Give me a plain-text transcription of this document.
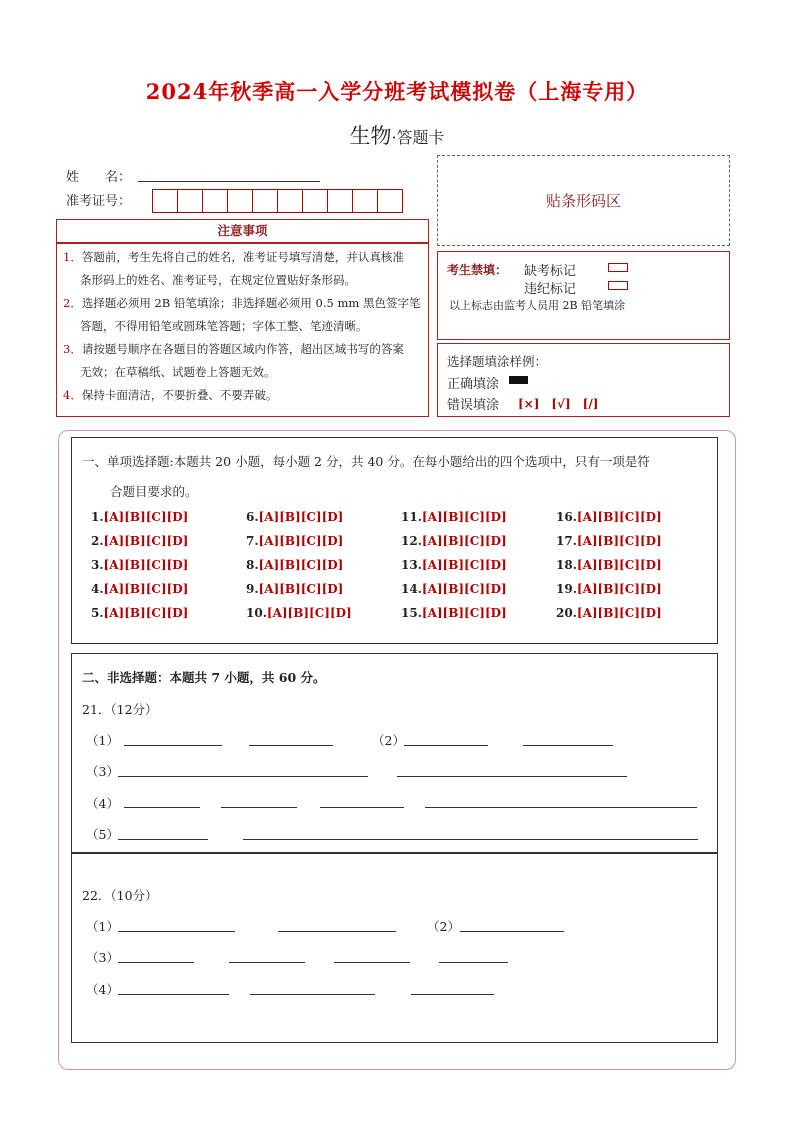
2024年秋季高一入学分班考试模拟卷（上海专用）
生物·答题卡
姓　　名：
准考证号：	贴条形码区
注意事项
1．答题前，考生先将自己的姓名，准考证号填写清楚，并认真核准
条形码上的姓名、准考证号，在规定位置贴好条形码。
2．选择题必须用 2B 铅笔填涂；非选择题必须用 0.5 mm 黑色签字笔
答题，不得用铅笔或圆珠笔答题；字体工整、笔迹清晰。
3．请按题号顺序在各题目的答题区域内作答，超出区域书写的答案
无效；在草稿纸、试题卷上答题无效。
4．保持卡面清洁，不要折叠、不要弄破。
考生禁填： 缺考标记
违纪标记
以上标志由监考人员用 2B 铅笔填涂
选择题填涂样例：
正确填涂
错误填涂 [×]　[√]　[/]
一、单项选择题:本题共 20 小题，每小题 2 分，共 40 分。在每小题给出的四个选项中，只有一项是符
合题目要求的。
1.[A][B][C][D]	6.[A][B][C][D]	11.[A][B][C][D]	16.[A][B][C][D]
2.[A][B][C][D]	7.[A][B][C][D]	12.[A][B][C][D]	17.[A][B][C][D]
3.[A][B][C][D]	8.[A][B][C][D]	13.[A][B][C][D]	18.[A][B][C][D]
4.[A][B][C][D]	9.[A][B][C][D]	14.[A][B][C][D]	19.[A][B][C][D]
5.[A][B][C][D]	10.[A][B][C][D]	15.[A][B][C][D]	20.[A][B][C][D]
二、非选择题：本题共 7 小题，共 60 分。
21．（12分）
（1）	（2）
（3）
（4）
（5）
22．（10分）
（1）	（2）
（3）
（4）
